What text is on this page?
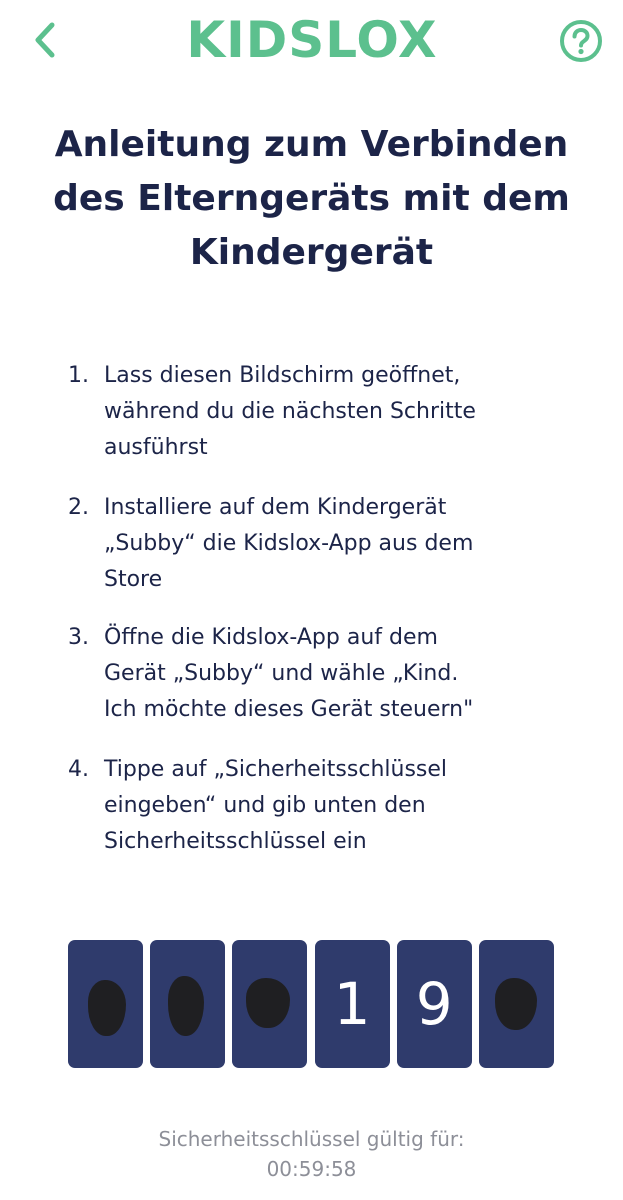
KIDSLOX
Anleitung zum Verbinden des Elterngeräts mit dem Kindergerät
1. Lass diesen Bildschirm geöffnet,
während du die nächsten Schritte
ausführst
2. Installiere auf dem Kindergerät
„Subby“ die Kidslox-App aus dem
Store
3. Öffne die Kidslox-App auf dem
Gerät „Subby“ und wähle „Kind.
Ich möchte dieses Gerät steuern"
4. Tippe auf „Sicherheitsschlüssel
eingeben“ und gib unten den
Sicherheitsschlüssel ein
1 9
Sicherheitsschlüssel gültig für:
00:59:58
